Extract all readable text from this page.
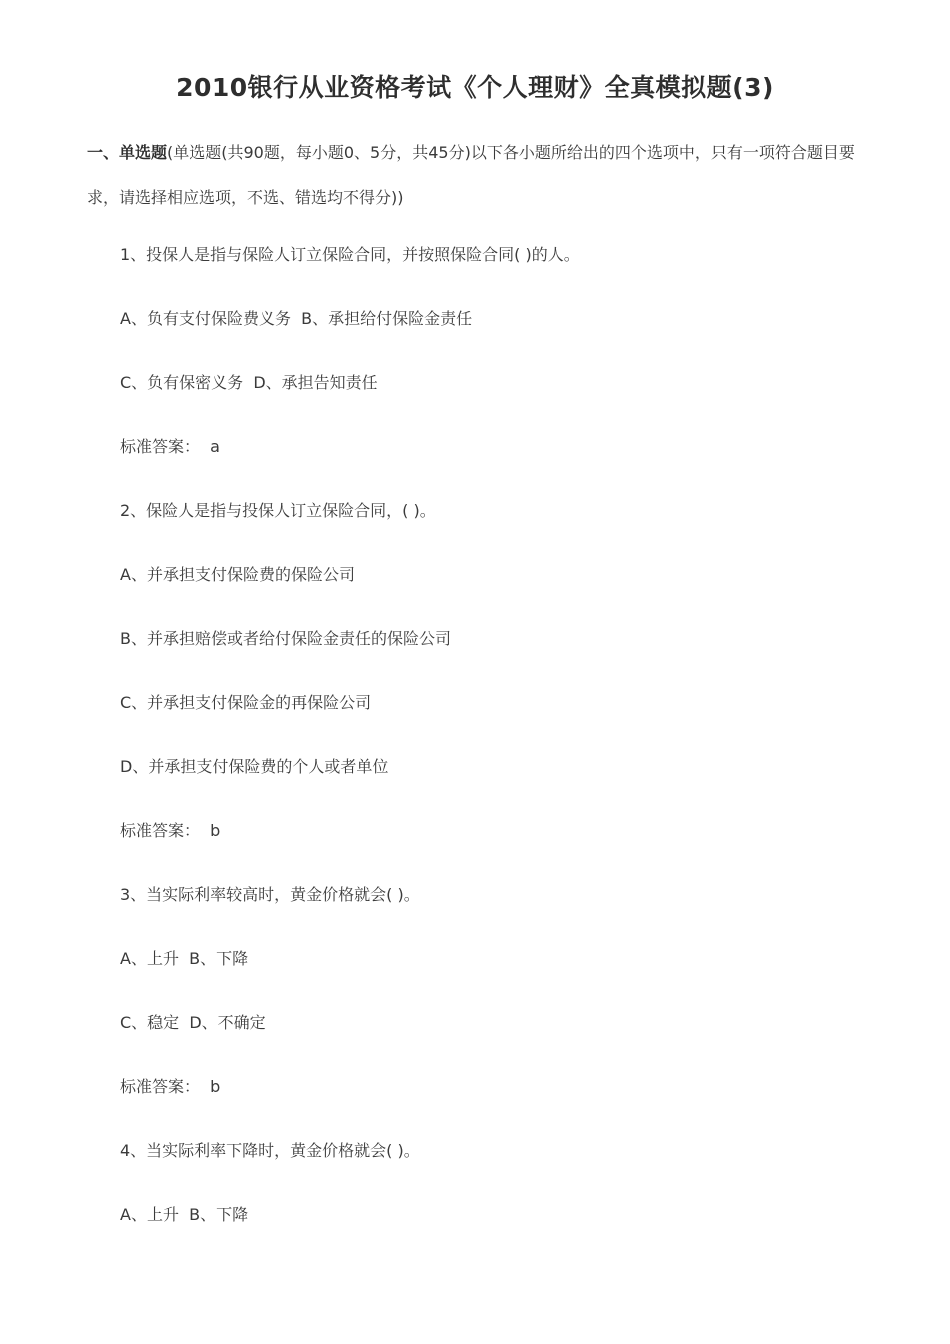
2010银行从业资格考试《个人理财》全真模拟题(3)
一、单选题(单选题(共90题，每小题0、5分，共45分)以下各小题所给出的四个选项中，只有一项符合题目要求，请选择相应选项，不选、错选均不得分))
1、投保人是指与保险人订立保险合同，并按照保险合同( )的人。
A、负有支付保险费义务  B、承担给付保险金责任
C、负有保密义务  D、承担告知责任
标准答案：  a
2、保险人是指与投保人订立保险合同，( )。
A、并承担支付保险费的保险公司
B、并承担赔偿或者给付保险金责任的保险公司
C、并承担支付保险金的再保险公司
D、并承担支付保险费的个人或者单位
标准答案：  b
3、当实际利率较高时，黄金价格就会( )。
A、上升  B、下降
C、稳定  D、不确定
标准答案：  b
4、当实际利率下降时，黄金价格就会( )。
A、上升  B、下降
